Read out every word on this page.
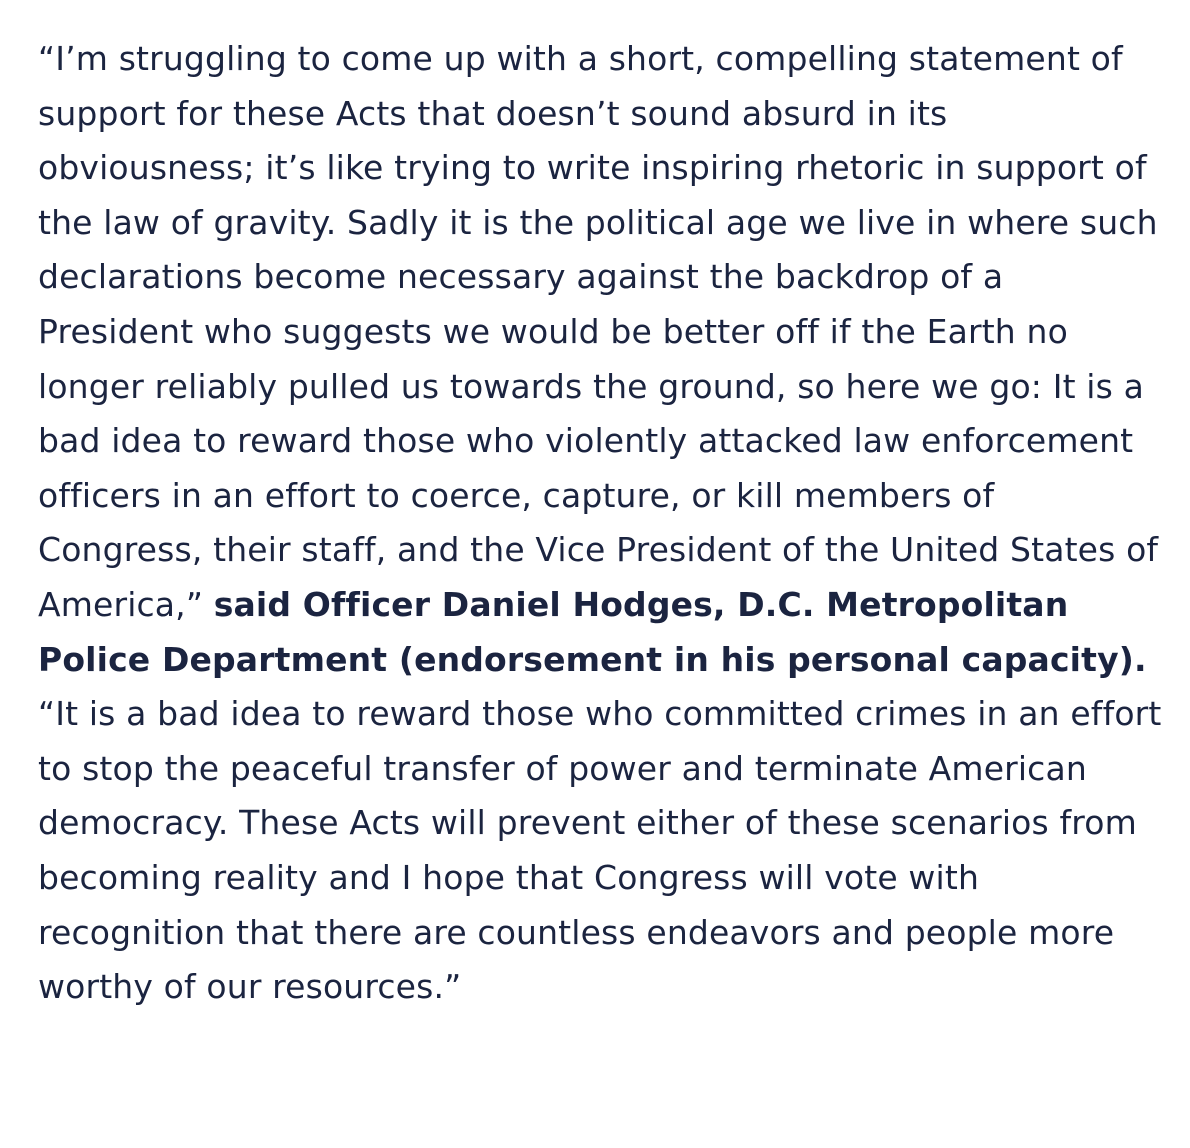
“I’m struggling to come up with a short, compelling statement of support for these Acts that doesn’t sound absurd in its obviousness; it’s like trying to write inspiring rhetoric in support of the law of gravity. Sadly it is the political age we live in where such declarations become necessary against the backdrop of a President who suggests we would be better off if the Earth no longer reliably pulled us towards the ground, so here we go: It is a bad idea to reward those who violently attacked law enforcement officers in an effort to coerce, capture, or kill members of Congress, their staff, and the Vice President of the United States of America,” said Officer Daniel Hodges, D.C. Metropolitan Police Department (endorsement in his personal capacity). “It is a bad idea to reward those who committed crimes in an effort to stop the peaceful transfer of power and terminate American democracy. These Acts will prevent either of these scenarios from becoming reality and I hope that Congress will vote with recognition that there are countless endeavors and people more worthy of our resources.”
